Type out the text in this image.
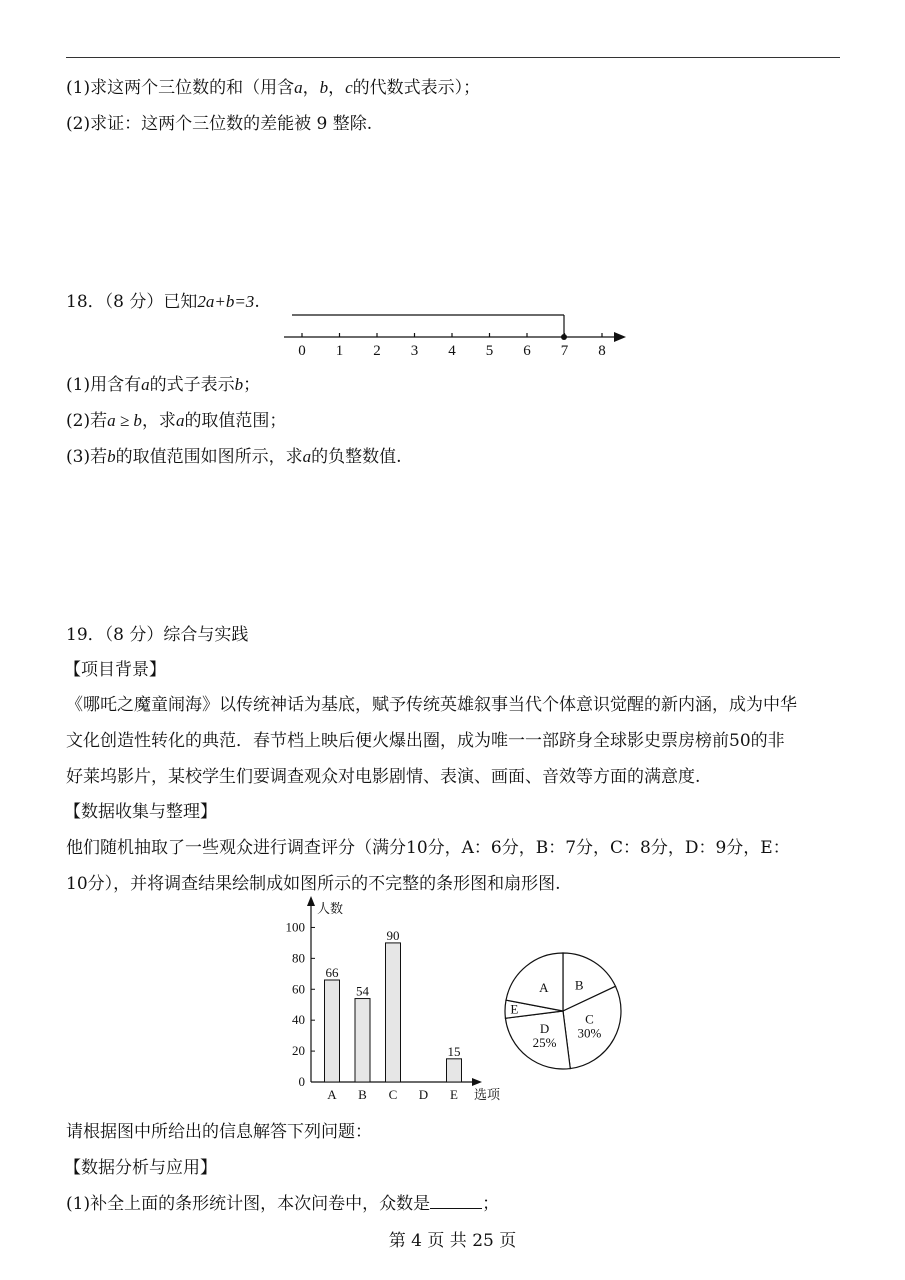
(1)求这两个三位数的和（用含a，b，c的代数式表示）；
(2)求证：这两个三位数的差能被 9 整除.
18．（8 分）已知2a+b=3.
0 1 2 3 4 5 6 7 8
(1)用含有a的式子表示b；
(2)若a ≥ b，求a的取值范围；
(3)若b的取值范围如图所示，求a的负整数值.
19．（8 分）综合与实践
【项目背景】
《哪吒之魔童闹海》以传统神话为基底，赋予传统英雄叙事当代个体意识觉醒的新内涵，成为中华
文化创造性转化的典范．春节档上映后便火爆出圈，成为唯一一部跻身全球影史票房榜前50的非
好莱坞影片，某校学生们要调查观众对电影剧情、表演、画面、音效等方面的满意度.
【数据收集与整理】
他们随机抽取了一些观众进行调查评分（满分10分，A：6分，B：7分，C：8分，D：9分，E：
10分），并将调查结果绘制成如图所示的不完整的条形图和扇形图.
人数
选项
0
20
40
60
80
100
A
66
B
54
C
90
D E
15
B
C
30%
D
25%
E
A
请根据图中所给出的信息解答下列问题：
【数据分析与应用】
(1)补全上面的条形统计图，本次问卷中，众数是	；
第 4 页 共 25 页
